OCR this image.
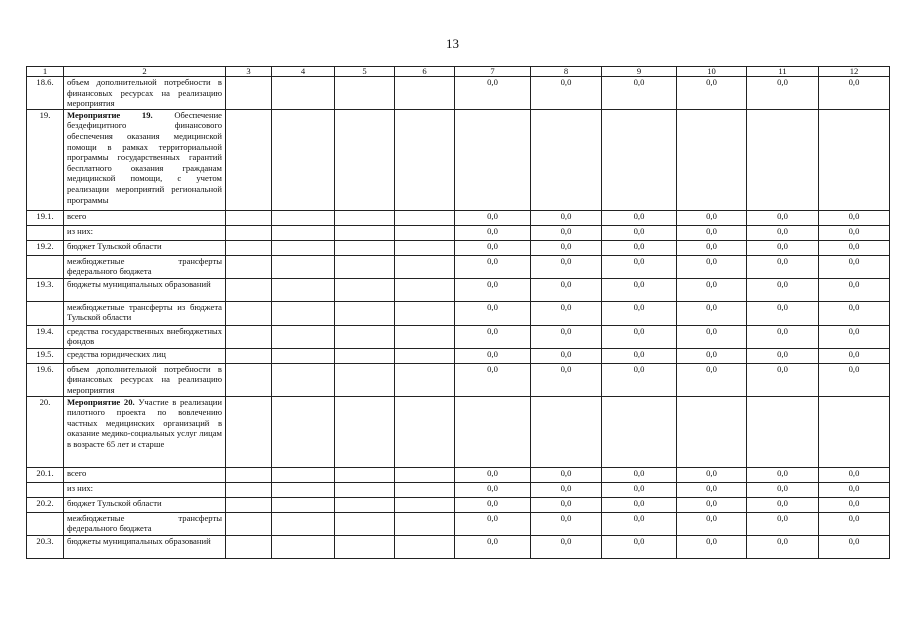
13
1	2	3	4	5	6	7	8	9	10	11	12
18.6.	объем дополнительной потребности в финансовых ресурсах на реализацию мероприятия					0,0	0,0	0,0	0,0	0,0	0,0
19.	Мероприятие 19. Обеспечение бездефицитного финансового обеспечения оказания медицинской помощи в рамках территориальной программы государственных гарантий бесплатного оказания гражданам медицинской помощи, с учетом реализации мероприятий региональной программы										
19.1.	всего					0,0	0,0	0,0	0,0	0,0	0,0
	из них:					0,0	0,0	0,0	0,0	0,0	0,0
19.2.	бюджет Тульской области					0,0	0,0	0,0	0,0	0,0	0,0
	межбюджетные трансферты федерального бюджета					0,0	0,0	0,0	0,0	0,0	0,0
19.3.	бюджеты муниципальных образований					0,0	0,0	0,0	0,0	0,0	0,0
	межбюджетные трансферты из бюджета Тульской области					0,0	0,0	0,0	0,0	0,0	0,0
19.4.	средства государственных внебюджетных фондов					0,0	0,0	0,0	0,0	0,0	0,0
19.5.	средства юридических лиц					0,0	0,0	0,0	0,0	0,0	0,0
19.6.	объем дополнительной потребности в финансовых ресурсах на реализацию мероприятия					0,0	0,0	0,0	0,0	0,0	0,0
20.	Мероприятие 20. Участие в реализации пилотного проекта по вовлечению частных медицинских организаций в оказание медико-социальных услуг лицам в возрасте 65 лет и старше										
20.1.	всего					0,0	0,0	0,0	0,0	0,0	0,0
	из них:					0,0	0,0	0,0	0,0	0,0	0,0
20.2.	бюджет Тульской области					0,0	0,0	0,0	0,0	0,0	0,0
	межбюджетные трансферты федерального бюджета					0,0	0,0	0,0	0,0	0,0	0,0
20.3.	бюджеты муниципальных образований					0,0	0,0	0,0	0,0	0,0	0,0
